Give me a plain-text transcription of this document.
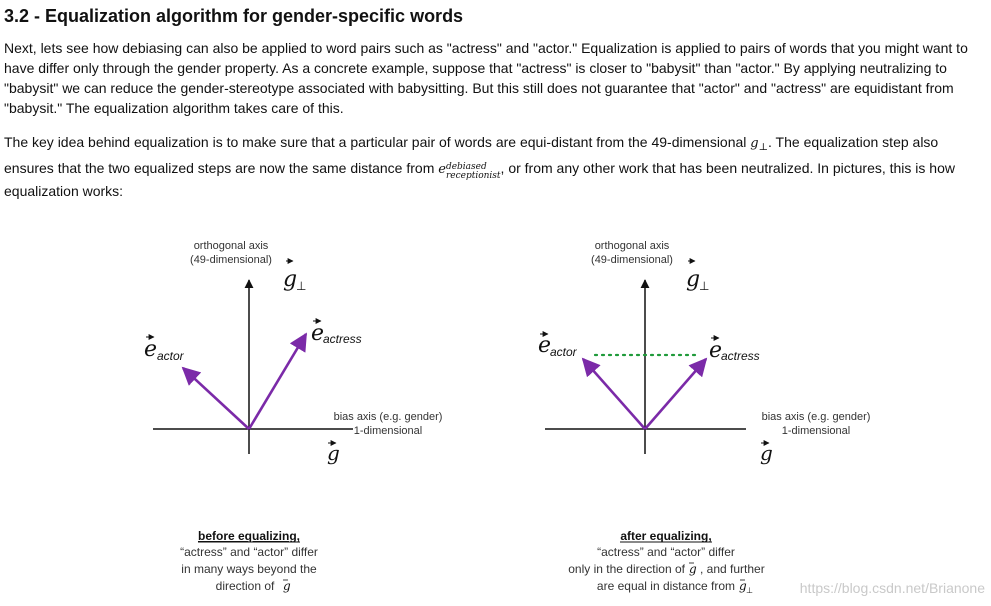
3.2 - Equalization algorithm for gender-specific words

Next, lets see how debiasing can also be applied to word pairs such as "actress" and "actor." Equalization is applied to pairs of words that you might want to have differ only through the gender property. As a concrete example, suppose that "actress" is closer to "babysit" than "actor." By applying neutralizing to "babysit" we can reduce the gender-stereotype associated with babysitting. But this still does not guarantee that "actor" and "actress" are equidistant from "babysit." The equalization algorithm takes care of this.

The key idea behind equalization is to make sure that a particular pair of words are equi-distant from the 49-dimensional $g_\perp$. The equalization step also ensures that the two equalized steps are now the same distance from e debiased
receptionist , or from any other work that has been neutralized. In pictures, this is how equalization works:

orthogonal axis
(49-dimensional)
g
⊥
bias axis (e.g. gender)
1-dimensional
g
e actor
e
actress
before equalizing,
“actress” and “actor” differ
in many ways beyond the
direction of g
orthogonal axis
(49-dimensional)
g
⊥
bias axis (e.g. gender)
1-dimensional
g
e
actor	e
actress
after equalizing,
“actress” and “actor” differ
only in the direction of g , and further
are equal in distance from g ⊥	https://blog.csdn.net/Brianone
